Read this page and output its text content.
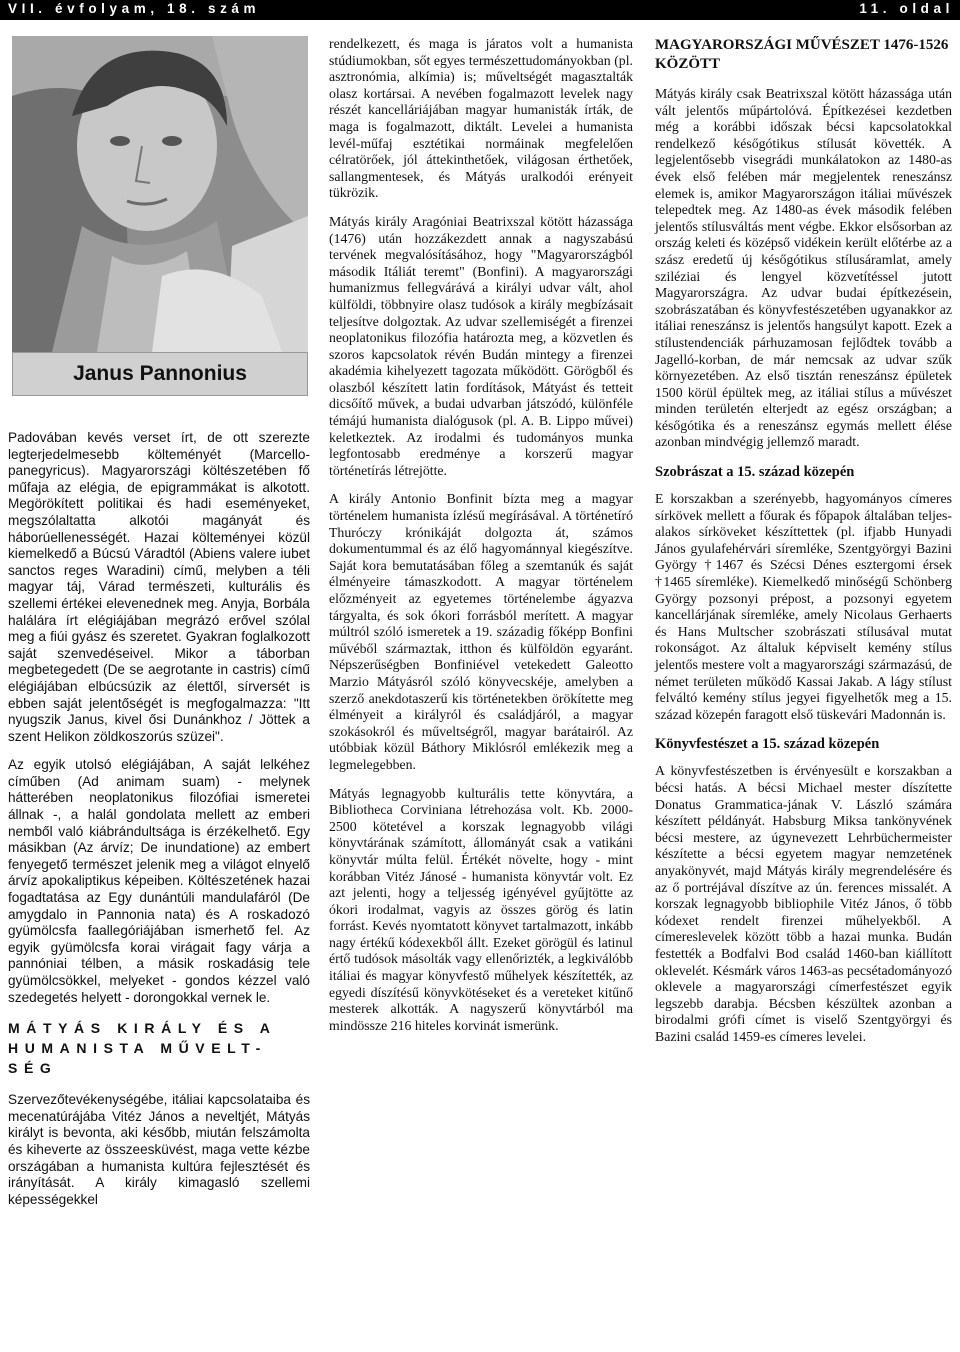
VII. évfolyam, 18. szám	11. oldal
Janus Pannonius

Padovában kevés verset írt, de ott szerezte legterjedelmesebb költeményét (Marcello-panegyricus). Magyarországi költészetében fő műfaja az elégia, de epigrammákat is alkotott. Megörökített politikai és hadi eseményeket, megszólaltatta alkotói magányát és háborúellenességét. Hazai költeményei közül kiemelkedő a Búcsú Váradtól (Abiens valere iubet sanctos reges Waradini) című, melyben a téli magyar táj, Várad természeti, kulturális és szellemi értékei elevenednek meg. Anyja, Borbála halálára írt elégiájában megrázó erővel szólal meg a fiúi gyász és szeretet. Gyakran foglalkozott saját szenvedéseivel. Mikor a táborban megbetegedett (De se aegrotante in castris) című elégiájában elbúcsúzik az élettől, sírversét is ebben saját jelentőségét is megfogalmazza: "Itt nyugszik Janus, kivel ősi Dunánkhoz / Jöttek a szent Helikon zöldkoszorús szüzei".

Az egyik utolsó elégiájában, A saját lelkéhez címűben (Ad animam suam) - melynek hátterében neoplatonikus filozófiai ismeretei állnak -, a halál gondolata mellett az emberi nemből való kiábrándultsága is érzékelhető. Egy másikban (Az árvíz; De inundatione) az embert fenyegető természet jelenik meg a világot elnyelő árvíz apokaliptikus képeiben. Költészetének hazai fogadtatása az Egy dunántúli mandulafáról (De amygdalo in Pannonia nata) és A roskadozó gyümölcsfa faallegóriájában ismerhető fel. Az egyik gyümölcsfa korai virágait fagy várja a pannóniai télben, a másik roskadásig tele gyümölcsökkel, melyeket - gondos kézzel való szedegetés helyett - dorongokkal vernek le.

MÁTYÁS KIRÁLY ÉS A HUMANISTA MŰVELT-SÉG

Szervezőtevékenységébe, itáliai kapcsolataiba és mecenatúrájába Vitéz János a neveltjét, Mátyás királyt is bevonta, aki később, miután felszámolta és kiheverte az összeesküvést, maga vette kézbe országában a humanista kultúra fejlesztését és irányítását. A király kimagasló szellemi képességekkel

rendelkezett, és maga is járatos volt a humanista stúdiumokban, sőt egyes természettudományokban (pl. asztronómia, alkímia) is; műveltségét magasztalták olasz kortársai. A nevében fogalmazott levelek nagy részét kancelláriájában magyar humanisták írták, de maga is fogalmazott, diktált. Levelei a humanista levél-műfaj esztétikai normáinak megfelelően célratörőek, jól áttekinthetőek, világosan érthetőek, sallangmentesek, és Mátyás uralkodói erényeit tükrözik.

Mátyás király Aragóniai Beatrixszal kötött házassága (1476) után hozzákezdett annak a nagyszabású tervének megvalósításához, hogy "Magyarországból második Itáliát teremt" (Bonfini). A magyarországi humanizmus fellegvárává a királyi udvar vált, ahol külföldi, többnyire olasz tudósok a király megbízásait teljesítve dolgoztak. Az udvar szellemiségét a firenzei neoplatonikus filozófia határozta meg, a közvetlen és szoros kapcsolatok révén Budán mintegy a firenzei akadémia kihelyezett tagozata működött. Görögből és olaszból készített latin fordítások, Mátyást és tetteit dicsőítő művek, a budai udvarban játszódó, különféle témájú humanista dialógusok (pl. A. B. Lippo művei) keletkeztek. Az irodalmi és tudományos munka legfontosabb eredménye a korszerű magyar történetírás létrejötte.

A király Antonio Bonfinit bízta meg a magyar történelem humanista ízlésű megírásával. A történetíró Thuróczy krónikáját dolgozta át, számos dokumentummal és az élő hagyománnyal kiegészítve. Saját kora bemutatásában főleg a szemtanúk és saját élményeire támaszkodott. A magyar történelem előzményeit az egyetemes történelembe ágyazva tárgyalta, és sok ókori forrásból merített. A magyar múltról szóló ismeretek a 19. századig főképp Bonfini művéből származtak, itthon és külföldön egyaránt. Népszerűségben Bonfiniével vetekedett Galeotto Marzio Mátyásról szóló könyvecskéje, amelyben a szerző anekdotaszerű kis történetekben örökítette meg élményeit a királyról és családjáról, a magyar szokásokról és műveltségről, magyar barátairól. Az utóbbiak közül Báthory Miklósról emlékezik meg a legmelegebben.

Mátyás legnagyobb kulturális tette könyvtára, a Bibliotheca Corviniana létrehozása volt. Kb. 2000-2500 kötetével a korszak legnagyobb világi könyvtárának számított, állományát csak a vatikáni könyvtár múlta felül. Értékét növelte, hogy - mint korábban Vitéz Jánosé - humanista könyvtár volt. Ez azt jelenti, hogy a teljesség igényével gyűjtötte az ókori irodalmat, vagyis az összes görög és latin forrást. Kevés nyomtatott könyvet tartalmazott, inkább nagy értékű kódexekből állt. Ezeket görögül és latinul értő tudósok másolták vagy ellenőrizték, a legkiválóbb itáliai és magyar könyvfestő műhelyek készítették, az egyedi díszítésű könyvkötéseket és a vereteket kitűnő mesterek alkották. A nagyszerű könyvtárból ma mindössze 216 hiteles korvinát ismerünk.

MAGYARORSZÁGI MŰVÉSZET 1476-1526 KÖZÖTT

Mátyás király csak Beatrixszal kötött házassága után vált jelentős műpártolóvá. Építkezései kezdetben még a korábbi időszak bécsi kapcsolatokkal rendelkező későgótikus stílusát követték. A legjelentősebb visegrádi munkálatokon az 1480-as évek első felében már megjelentek reneszánsz elemek is, amikor Magyarországon itáliai művészek telepedtek meg. Az 1480-as évek második felében jelentős stílusváltás ment végbe. Ekkor elsősorban az ország keleti és középső vidékein került előtérbe az a szász eredetű új későgótikus stílusáramlat, amely sziléziai és lengyel közvetítéssel jutott Magyarországra. Az udvar budai építkezésein, szobrászatában és könyvfestészetében ugyanakkor az itáliai reneszánsz is jelentős hangsúlyt kapott. Ezek a stílustendenciák párhuzamosan fejlődtek tovább a Jagelló-korban, de már nemcsak az udvar szűk környezetében. Az első tisztán reneszánsz épületek 1500 körül épültek meg, az itáliai stílus a művészet minden területén elterjedt az egész országban; a későgótika és a reneszánsz egymás mellett élése azonban mindvégig jellemző maradt.

Szobrászat a 15. század közepén

E korszakban a szerényebb, hagyományos címeres sírkövek mellett a főurak és főpapok általában teljes-alakos sírköveket készíttettek (pl. ifjabb Hunyadi János gyulafehérvári síremléke, Szentgyörgyi Bazini György †1467 és Szécsi Dénes esztergomi érsek †1465 síremléke). Kiemelkedő minőségű Schönberg György pozsonyi prépost, a pozsonyi egyetem kancellárjának síremléke, amely Nicolaus Gerhaerts és Hans Multscher szobrászati stílusával mutat rokonságot. Az általuk képviselt kemény stílus jelentős mestere volt a magyarországi származású, de német területen működő Kassai Jakab. A lágy stílust felváltó kemény stílus jegyei figyelhetők meg a 15. század közepén faragott első tüskevári Madonnán is.

Könyvfestészet a 15. század közepén

A könyvfestészetben is érvényesült e korszakban a bécsi hatás. A bécsi Michael mester díszítette Donatus Grammatica-jának V. László számára készített példányát. Habsburg Miksa tankönyvének bécsi mestere, az úgynevezett Lehrbüchermeister készítette a bécsi egyetem magyar nemzetének anyakönyvét, majd Mátyás király megrendelésére és az ő portréjával díszítve az ún. ferences missalét. A korszak legnagyobb bibliophile Vitéz János, ő több kódexet rendelt firenzei műhelyekből. A címereslevelek között több a hazai munka. Budán festették a Bodfalvi Bod család 1460-ban kiállított oklevelét. Késmárk város 1463-as pecsétadományozó oklevele a magyarországi címerfestészet egyik legszebb darabja. Bécsben készültek azonban a birodalmi grófi címet is viselő Szentgyörgyi és Bazini család 1459-es címeres levelei.
